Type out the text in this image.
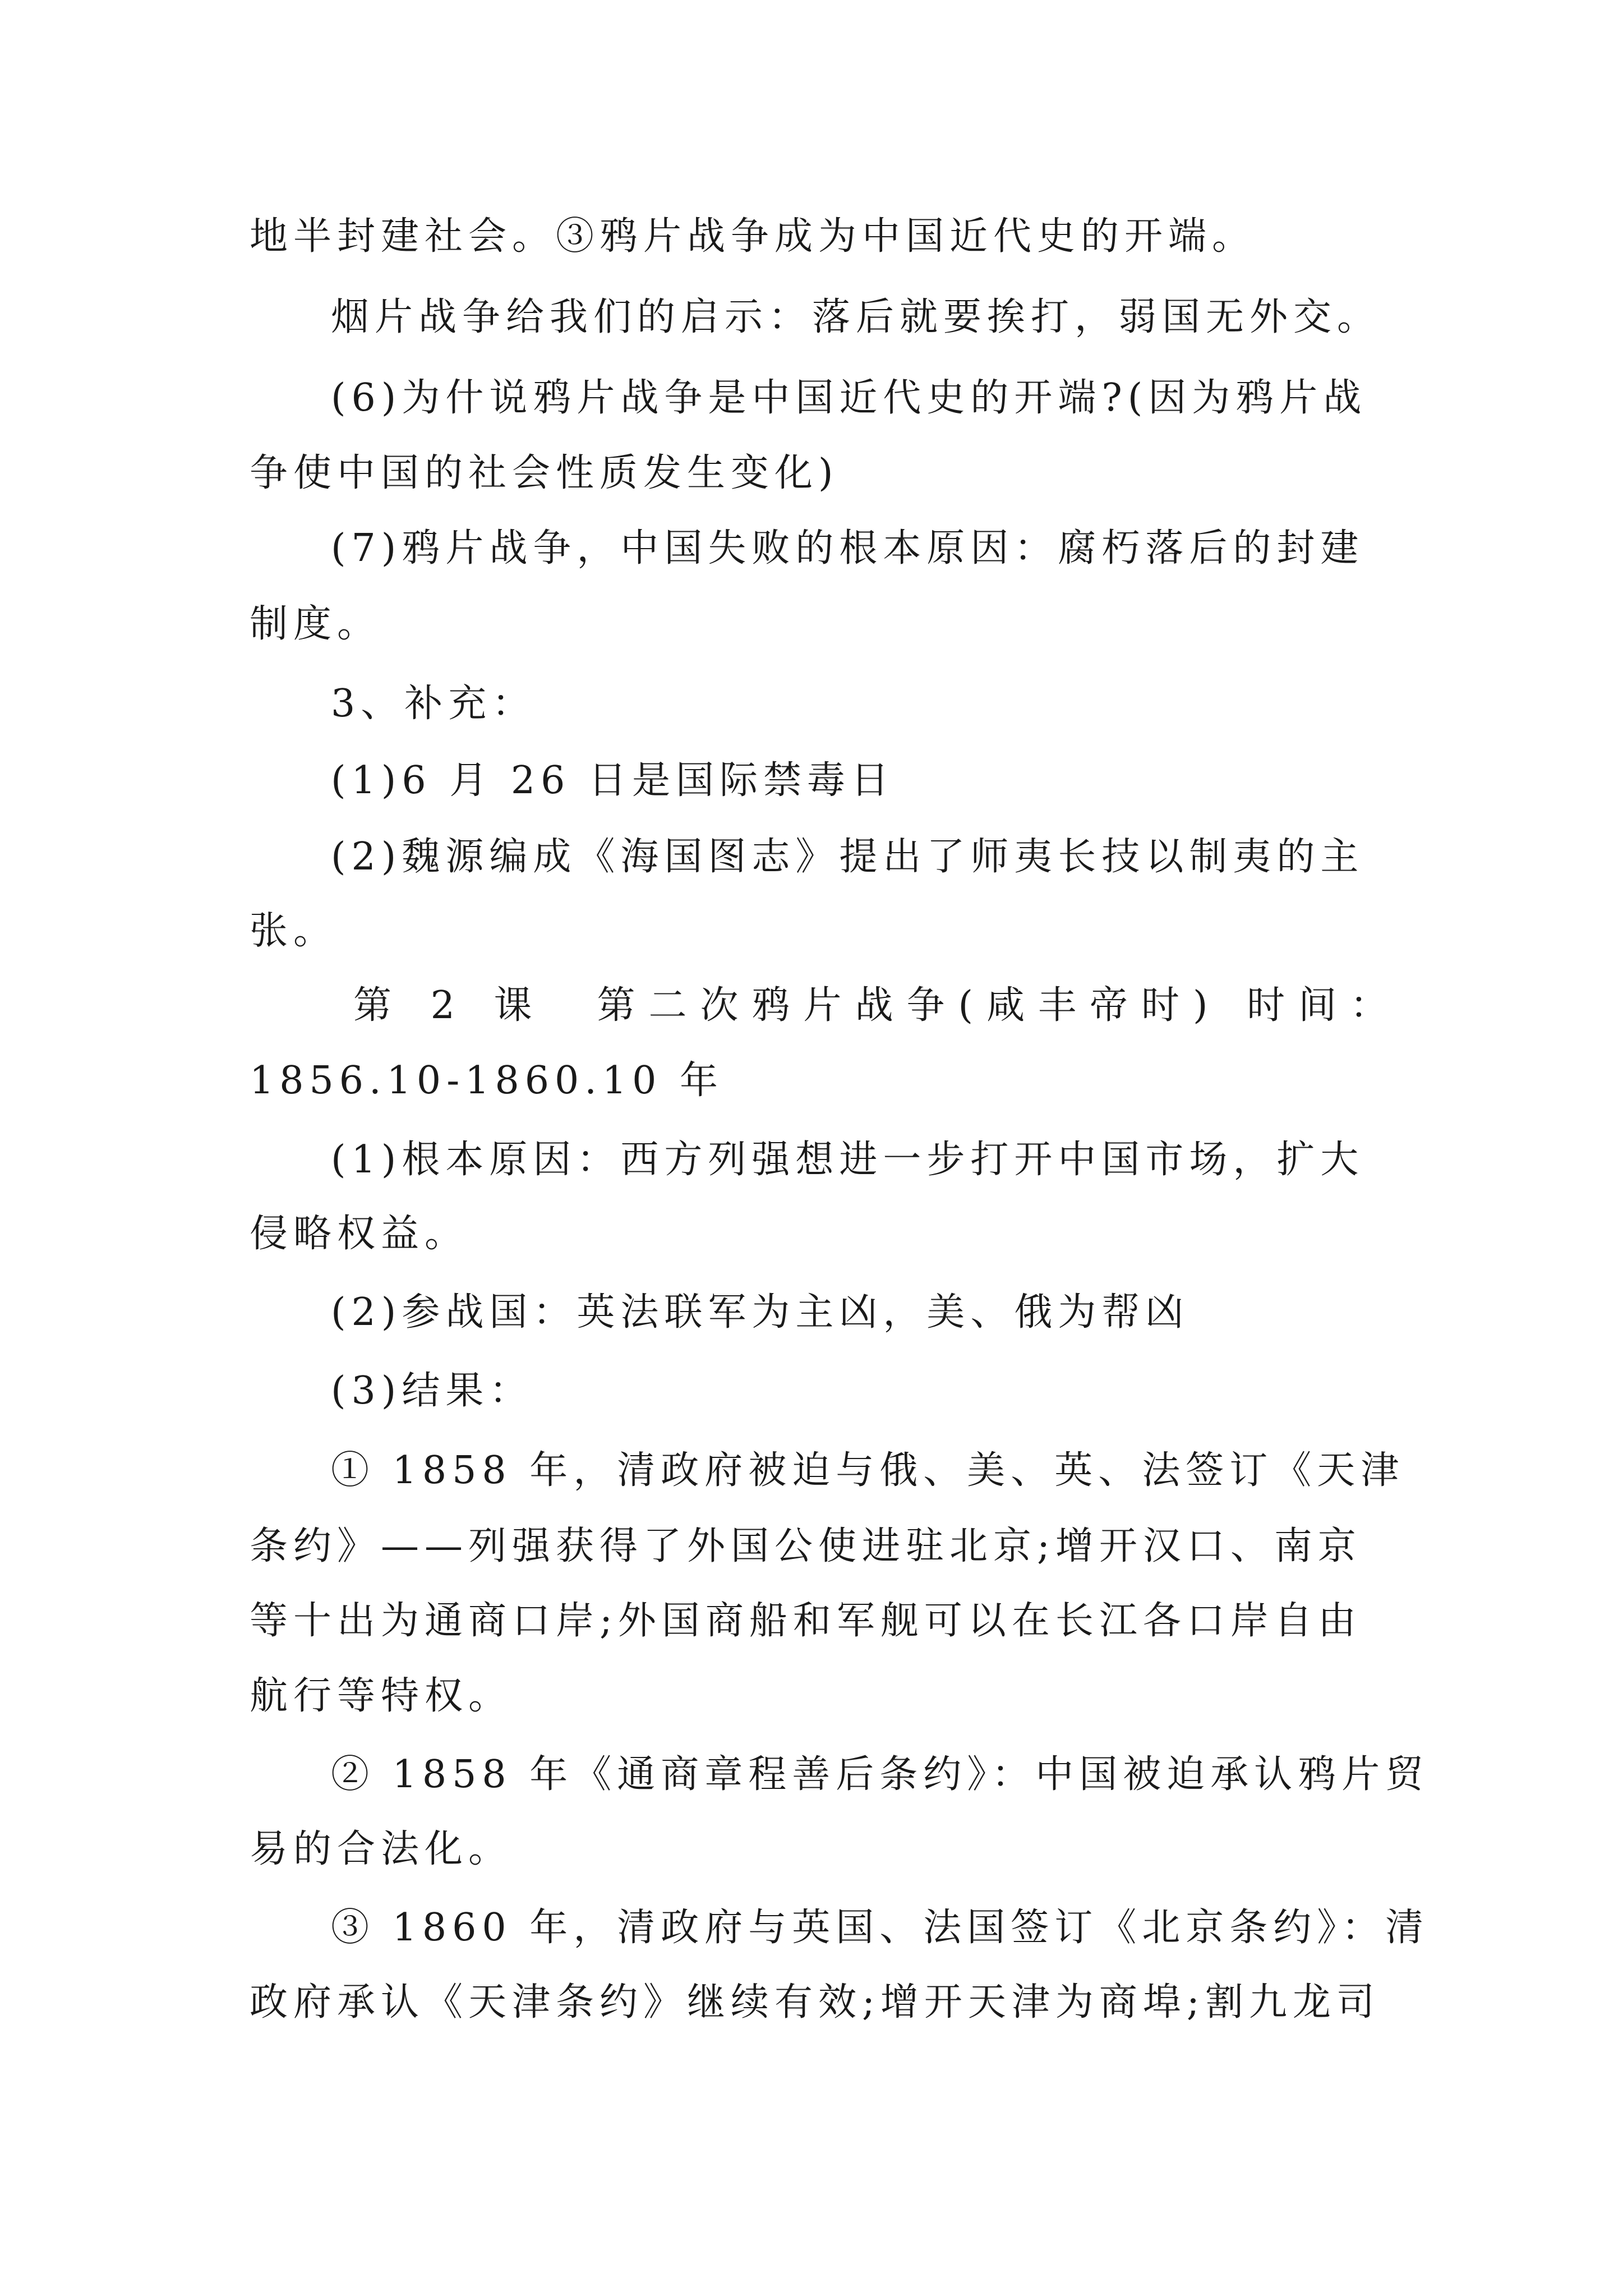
地半封建社会。③鸦片战争成为中国近代史的开端。
烟片战争给我们的启示：落后就要挨打，弱国无外交。
(6)为什说鸦片战争是中国近代史的开端?(因为鸦片战
争使中国的社会性质发生变化)
(7)鸦片战争，中国失败的根本原因：腐朽落后的封建
制度。
3、补充：
(1)6 月 26 日是国际禁毒日
(2)魏源编成《海国图志》提出了师夷长技以制夷的主
张。
第 2 课　第二次鸦片战争(咸丰帝时) 时间：
1856.10-1860.10 年
(1)根本原因：西方列强想进一步打开中国市场，扩大
侵略权益。
(2)参战国：英法联军为主凶，美、俄为帮凶
(3)结果：
① 1858 年，清政府被迫与俄、美、英、法签订《天津
条约》——列强获得了外国公使进驻北京;增开汉口、南京
等十出为通商口岸;外国商船和军舰可以在长江各口岸自由
航行等特权。
② 1858 年《通商章程善后条约》：中国被迫承认鸦片贸
易的合法化。
③ 1860 年，清政府与英国、法国签订《北京条约》：清
政府承认《天津条约》继续有效;增开天津为商埠;割九龙司
